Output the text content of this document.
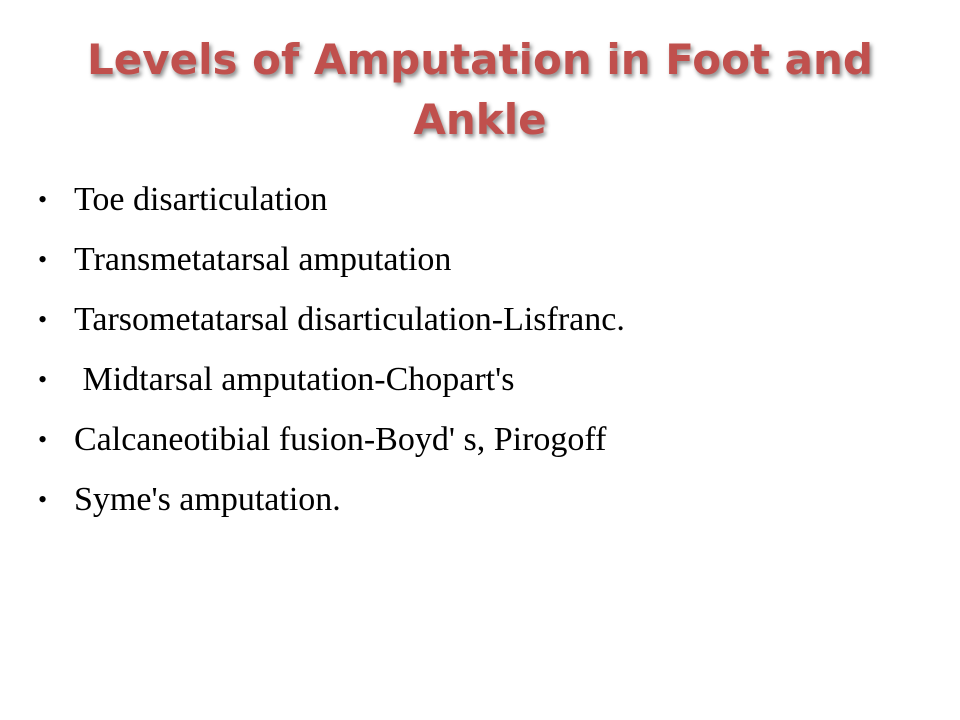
Levels of Amputation in Foot and
Ankle

•

Toe disarticulation

•

Transmetatarsal amputation

•

Tarsometatarsal disarticulation-Lisfranc.

•

Midtarsal amputation-Chopart's

•

Calcaneotibial fusion-Boyd' s, Pirogoff

•

Syme's amputation.
